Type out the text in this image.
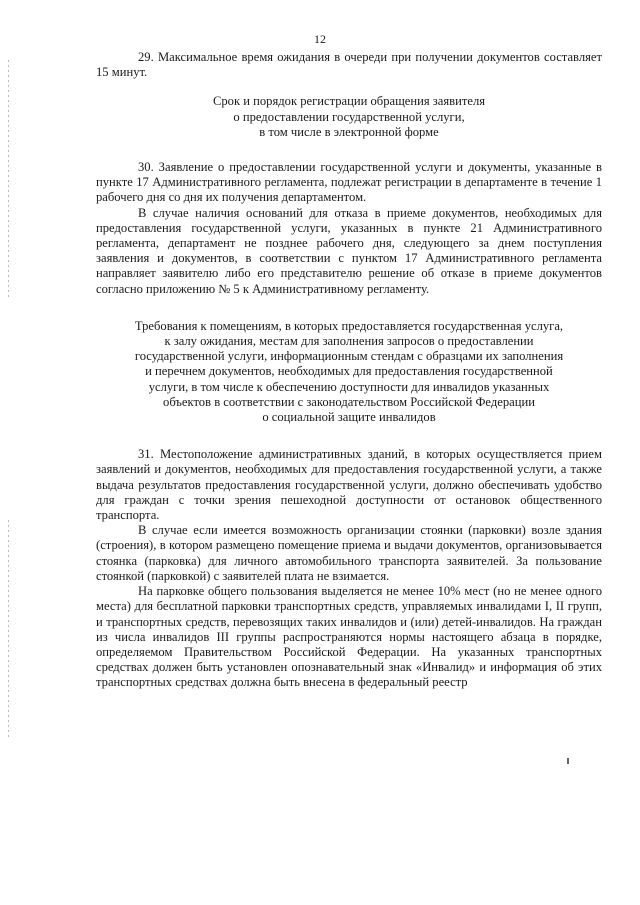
12

29. Максимальное время ожидания в очереди при получении документов составляет 15 минут.

Срок и порядок регистрации обращения заявителя
о предоставлении государственной услуги,
в том числе в электронной форме

30. Заявление о предоставлении государственной услуги и документы, указанные в пункте 17 Административного регламента, подлежат регистрации в департаменте в течение 1 рабочего дня со дня их получения департаментом.

В случае наличия оснований для отказа в приеме документов, необходимых для предоставления государственной услуги, указанных в пункте 21 Административного регламента, департамент не позднее рабочего дня, следующего за днем поступления заявления и документов, в соответствии с пунктом 17 Административного регламента направляет заявителю либо его представителю решение об отказе в приеме документов согласно приложению № 5 к Административному регламенту.

Требования к помещениям, в которых предоставляется государственная услуга,
к залу ожидания, местам для заполнения запросов о предоставлении
государственной услуги, информационным стендам с образцами их заполнения
и перечнем документов, необходимых для предоставления государственной
услуги, в том числе к обеспечению доступности для инвалидов указанных
объектов в соответствии с законодательством Российской Федерации
о социальной защите инвалидов

31. Местоположение административных зданий, в которых осуществляется прием заявлений и документов, необходимых для предоставления государственной услуги, а также выдача результатов предоставления государственной услуги, должно обеспечивать удобство для граждан с точки зрения пешеходной доступности от остановок общественного транспорта.

В случае если имеется возможность организации стоянки (парковки) возле здания (строения), в котором размещено помещение приема и выдачи документов, организовывается стоянка (парковка) для личного автомобильного транспорта заявителей. За пользование стоянкой (парковкой) с заявителей плата не взимается.

На парковке общего пользования выделяется не менее 10% мест (но не менее одного места) для бесплатной парковки транспортных средств, управляемых инвалидами I, II групп, и транспортных средств, перевозящих таких инвалидов и (или) детей-инвалидов. На граждан из числа инвалидов III группы распространяются нормы настоящего абзаца в порядке, определяемом Правительством Российской Федерации. На указанных транспортных средствах должен быть установлен опознавательный знак «Инвалид» и информация об этих транспортных средствах должна быть внесена в федеральный реестр
